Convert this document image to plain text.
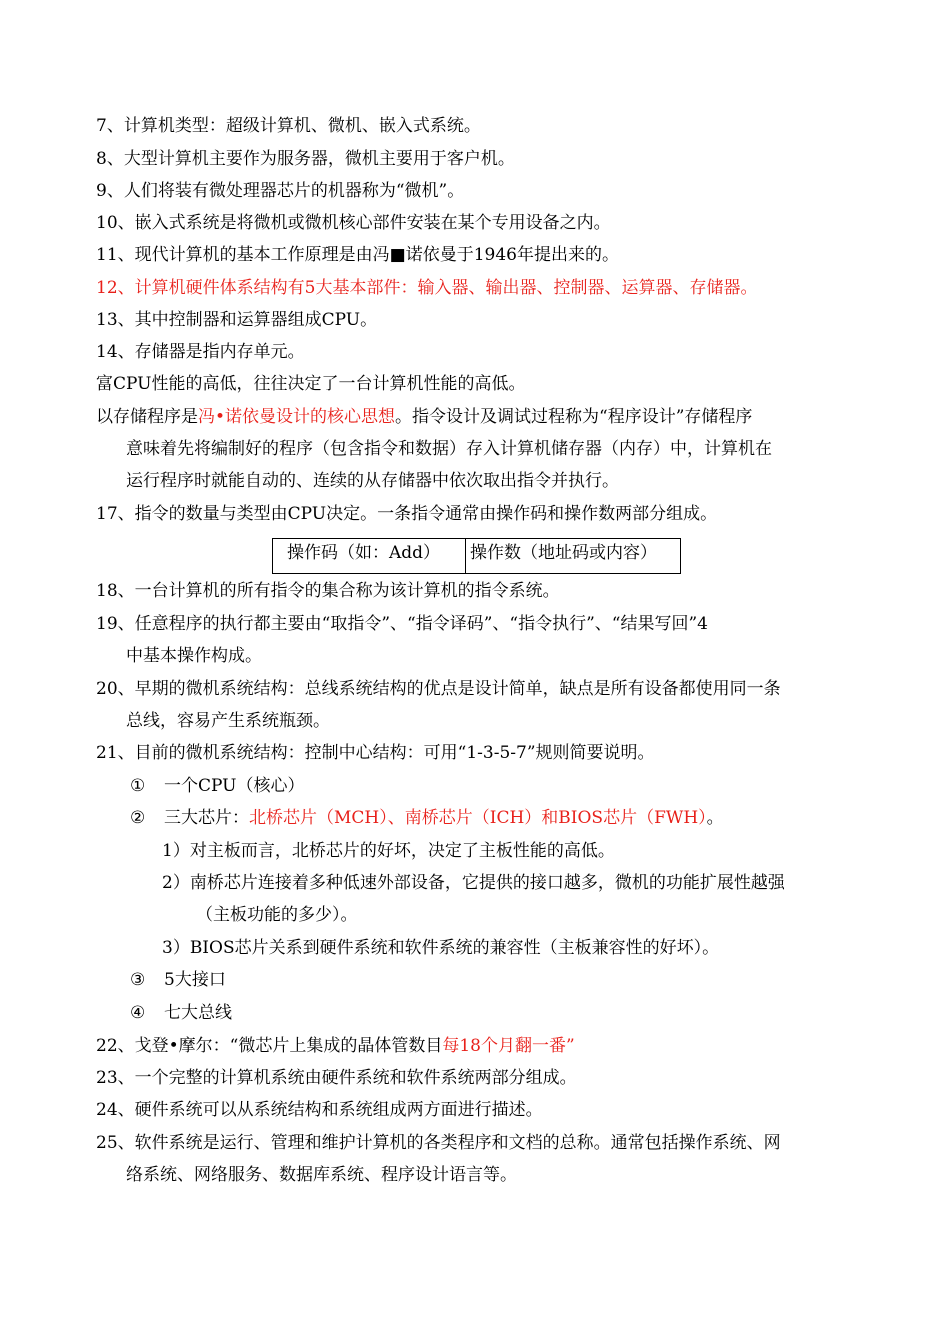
7、计算机类型：超级计算机、微机、嵌入式系统。
8、大型计算机主要作为服务器，微机主要用于客户机。
9、人们将装有微处理器芯片的机器称为“微机”。
10、嵌入式系统是将微机或微机核心部件安装在某个专用设备之内。
11、现代计算机的基本工作原理是由冯■诺依曼于1946年提出来的。
12、计算机硬件体系结构有5大基本部件：输入器、输出器、控制器、运算器、存储器。
13、其中控制器和运算器组成CPU。
14、存储器是指内存单元。
富CPU性能的高低，往往决定了一台计算机性能的高低。
以存储程序是冯•诺依曼设计的核心思想。指令设计及调试过程称为“程序设计”存储程序
意味着先将编制好的程序（包含指令和数据）存入计算机储存器（内存）中，计算机在
运行程序时就能自动的、连续的从存储器中依次取出指令并执行。
17、指令的数量与类型由CPU决定。一条指令通常由操作码和操作数两部分组成。
操作码（如：Add）	操作数（地址码或内容）
18、一台计算机的所有指令的集合称为该计算机的指令系统。
19、任意程序的执行都主要由“取指令”、“指令译码”、“指令执行”、“结果写回”4
中基本操作构成。
20、早期的微机系统结构：总线系统结构的优点是设计简单，缺点是所有设备都使用同一条
总线，容易产生系统瓶颈。
21、目前的微机系统结构：控制中心结构：可用“1-3-5-7”规则简要说明。
① 一个CPU（核心）
② 三大芯片：北桥芯片（MCH）、南桥芯片（ICH）和BIOS芯片（FWH）。
1）对主板而言，北桥芯片的好坏，决定了主板性能的高低。
2）南桥芯片连接着多种低速外部设备，它提供的接口越多，微机的功能扩展性越强
（主板功能的多少）。
3）BIOS芯片关系到硬件系统和软件系统的兼容性（主板兼容性的好坏）。
③ 5大接口
④ 七大总线
22、戈登•摩尔：“微芯片上集成的晶体管数目每18个月翻一番”
23、一个完整的计算机系统由硬件系统和软件系统两部分组成。
24、硬件系统可以从系统结构和系统组成两方面进行描述。
25、软件系统是运行、管理和维护计算机的各类程序和文档的总称。通常包括操作系统、网
络系统、网络服务、数据库系统、程序设计语言等。
